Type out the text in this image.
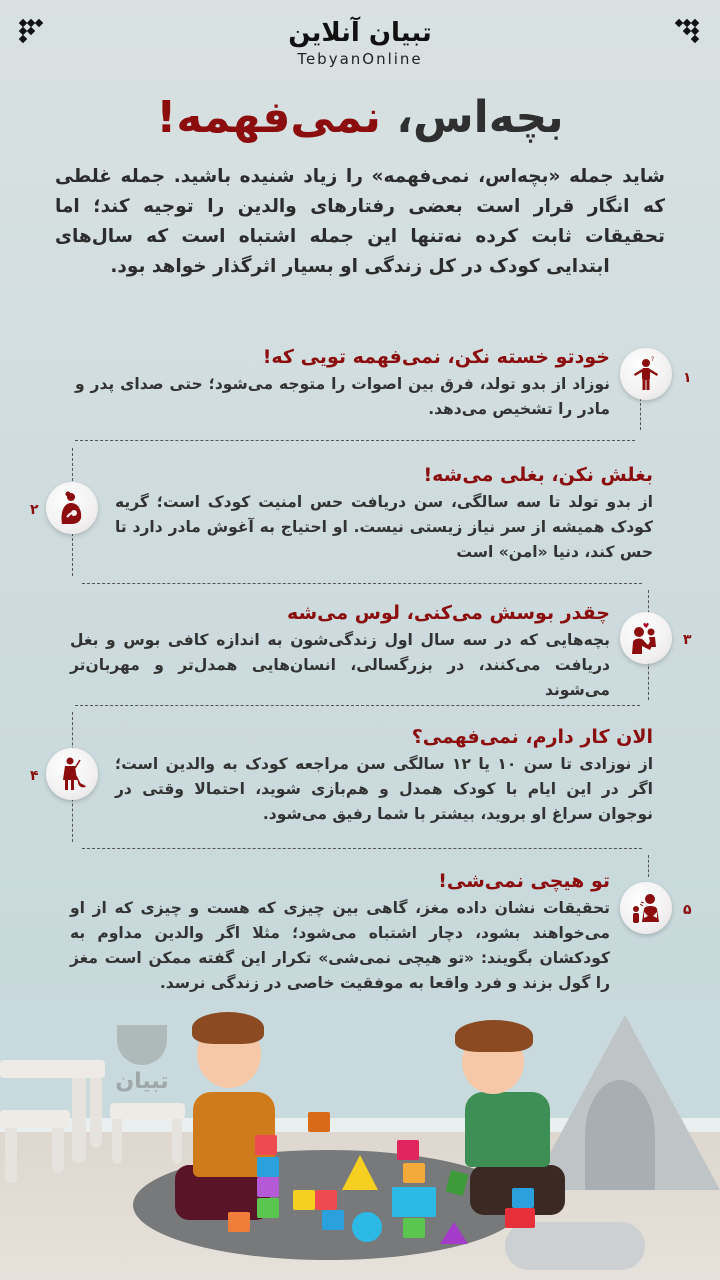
تبیان آنلاین
TebyanOnline
بچه‌اس، نمی‌فهمه!
شاید جمله «بچه‌اس، نمی‌فهمه» را زیاد شنیده باشید. جمله غلطی که انگار قرار است بعضی رفتارهای والدین را توجیه کند؛ اما تحقیقات ثابت کرده نه‌تنها این جمله اشتباه است که سال‌های ابتدایی کودک در کل زندگی او بسیار اثرگذار خواهد بود.
?
۱
خودتو خسته نکن، نمی‌فهمه تویی که!
نوزاد از بدو تولد، فرق بین اصوات را متوجه می‌شود؛ حتی صدای پدر و مادر را تشخیص می‌دهد.
۲
بغلش نکن، بغلی می‌شه!
از بدو تولد تا سه سالگی، سن دریافت حس امنیت کودک است؛ گریه کودک همیشه از سر نیاز زیستی نیست. او احتیاج به آغوش مادر دارد تا حس کند، دنیا «امن» است
۳
چقدر بوسش می‌کنی، لوس می‌شه
بچه‌هایی که در سه سال اول زندگی‌شون به اندازه کافی بوس و بغل دریافت می‌کنند، در بزرگسالی، انسان‌هایی همدل‌تر و مهربان‌تر می‌شوند
۴
الان کار دارم، نمی‌فهمی؟
از نوزادی تا سن ۱۰ یا ۱۲ سالگی سن مراجعه کودک به والدین است؛ اگر در این ایام با کودک همدل و هم‌بازی شوید، احتمالا وقتی در نوجوان سراغ او بروید، بیشتر با شما رفیق می‌شود.
۵
تو هیچی نمی‌شی!
تحقیقات نشان داده مغز، گاهی بین چیزی که هست و چیزی که از او می‌خواهند بشود، دچار اشتباه می‌شود؛ مثلا اگر والدین مداوم به کودکشان بگویند: «تو هیچی نمی‌شی» تکرار این گفته ممکن است مغز را گول بزند و فرد واقعا به موفقیت خاصی در زندگی نرسد.
تبیان
